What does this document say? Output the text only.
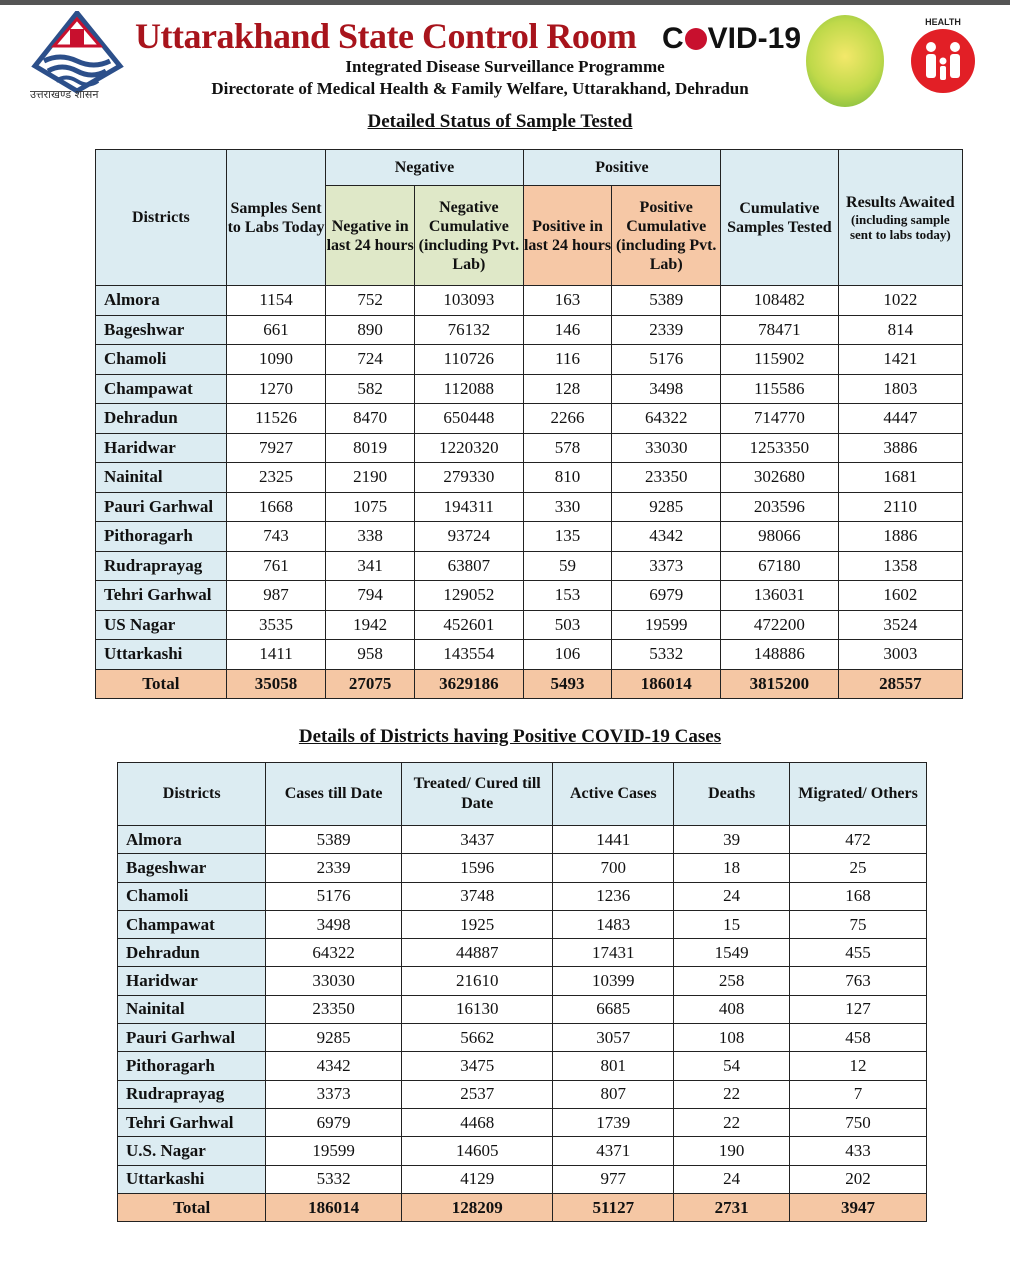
उत्तराखण्ड शासन
Uttarakhand State Control Room C VID-19
Integrated Disease Surveillance Programme
Directorate of Medical Health & Family Welfare, Uttarakhand, Dehradun
HEALTH
Detailed Status of Sample Tested
Districts	Samples Sent to Labs Today	Negative		Positive		Cumulative Samples Tested	Results Awaited
(including sample sent to labs today)

		Negative in last 24 hours	Negative Cumulative (including Pvt. Lab)	Positive in last 24 hours	Positive Cumulative (including Pvt. Lab)		
Almora	1154	752	103093	163	5389	108482	1022
Bageshwar	661	890	76132	146	2339	78471	814
Chamoli	1090	724	110726	116	5176	115902	1421
Champawat	1270	582	112088	128	3498	115586	1803
Dehradun	11526	8470	650448	2266	64322	714770	4447
Haridwar	7927	8019	1220320	578	33030	1253350	3886
Nainital	2325	2190	279330	810	23350	302680	1681
Pauri Garhwal	1668	1075	194311	330	9285	203596	2110
Pithoragarh	743	338	93724	135	4342	98066	1886
Rudraprayag	761	341	63807	59	3373	67180	1358
Tehri Garhwal	987	794	129052	153	6979	136031	1602
US Nagar	3535	1942	452601	503	19599	472200	3524
Uttarkashi	1411	958	143554	106	5332	148886	3003
Total	35058	27075	3629186	5493	186014	3815200	28557
Details of Districts having Positive COVID-19 Cases
Districts	Cases till Date	Treated/ Cured till Date	Active Cases	Deaths	Migrated/ Others
Almora	5389	3437	1441	39	472
Bageshwar	2339	1596	700	18	25
Chamoli	5176	3748	1236	24	168
Champawat	3498	1925	1483	15	75
Dehradun	64322	44887	17431	1549	455
Haridwar	33030	21610	10399	258	763
Nainital	23350	16130	6685	408	127
Pauri Garhwal	9285	5662	3057	108	458
Pithoragarh	4342	3475	801	54	12
Rudraprayag	3373	2537	807	22	7
Tehri Garhwal	6979	4468	1739	22	750
U.S. Nagar	19599	14605	4371	190	433
Uttarkashi	5332	4129	977	24	202
Total	186014	128209	51127	2731	3947
